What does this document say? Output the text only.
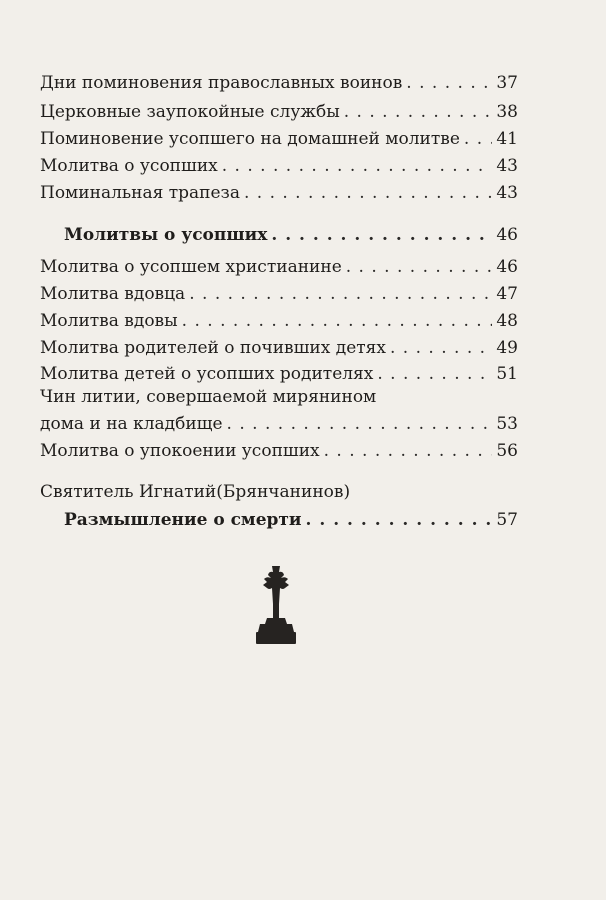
Дни поминовения православных воинов . . .	37
Церковные заупокойные службы . . .	38
Поминовение усопшего на домашней молитве . . . 41
Молитва о усопших . . .	43
Поминальная трапеза . . .	43
Молитвы о усопших . . .	46
Молитва о усопшем христианине . . .	46
Молитва вдовца . . .	47
Молитва вдовы . . .	48
Молитва родителей о почивших детях . . .	49
Молитва детей о усопших родителях . . .	51
Чин литии, совершаемой мирянином
дома и на кладбище . . .	53
Молитва о упокоении усопших . . .	56
Святитель Игнатий(Брянчанинов)
Размышление о смерти . . .	57
